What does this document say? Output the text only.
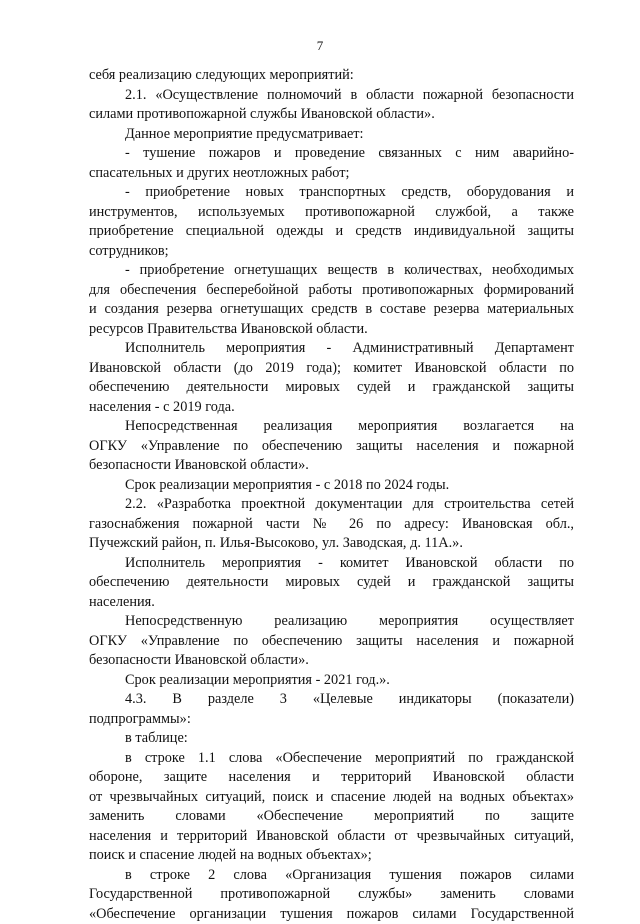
7
себя реализацию следующих мероприятий:
2.1. «Осуществление полномочий в области пожарной безопасности
силами противопожарной службы Ивановской области».
Данное мероприятие предусматривает:
- тушение пожаров и проведение связанных с ним аварийно-
спасательных и других неотложных работ;
- приобретение новых транспортных средств, оборудования и
инструментов, используемых противопожарной службой, а также
приобретение специальной одежды и средств индивидуальной защиты
сотрудников;
- приобретение огнетушащих веществ в количествах, необходимых
для обеспечения бесперебойной работы противопожарных формирований
и создания резерва огнетушащих средств в составе резерва материальных
ресурсов Правительства Ивановской области.
Исполнитель мероприятия - Административный Департамент
Ивановской области (до 2019 года); комитет Ивановской области по
обеспечению деятельности мировых судей и гражданской защиты
населения - с 2019 года.
Непосредственная реализация мероприятия возлагается на
ОГКУ «Управление по обеспечению защиты населения и пожарной
безопасности Ивановской области».
Срок реализации мероприятия - с 2018 по 2024 годы.
2.2. «Разработка проектной документации для строительства сетей
газоснабжения пожарной части № 26 по адресу: Ивановская обл.,
Пучежский район, п. Илья-Высоково, ул. Заводская, д. 11А.».
Исполнитель мероприятия - комитет Ивановской области по
обеспечению деятельности мировых судей и гражданской защиты
населения.
Непосредственную реализацию мероприятия осуществляет
ОГКУ «Управление по обеспечению защиты населения и пожарной
безопасности Ивановской области».
Срок реализации мероприятия - 2021 год.».
4.3. В разделе 3 «Целевые индикаторы (показатели)
подпрограммы»:
в таблице:
в строке 1.1 слова «Обеспечение мероприятий по гражданской
обороне, защите населения и территорий Ивановской области
от чрезвычайных ситуаций, поиск и спасение людей на водных объектах»
заменить словами «Обеспечение мероприятий по защите
населения и территорий Ивановской области от чрезвычайных ситуаций,
поиск и спасение людей на водных объектах»;
в строке 2 слова «Организация тушения пожаров силами
Государственной противопожарной службы» заменить словами
«Обеспечение организации тушения пожаров силами Государственной
